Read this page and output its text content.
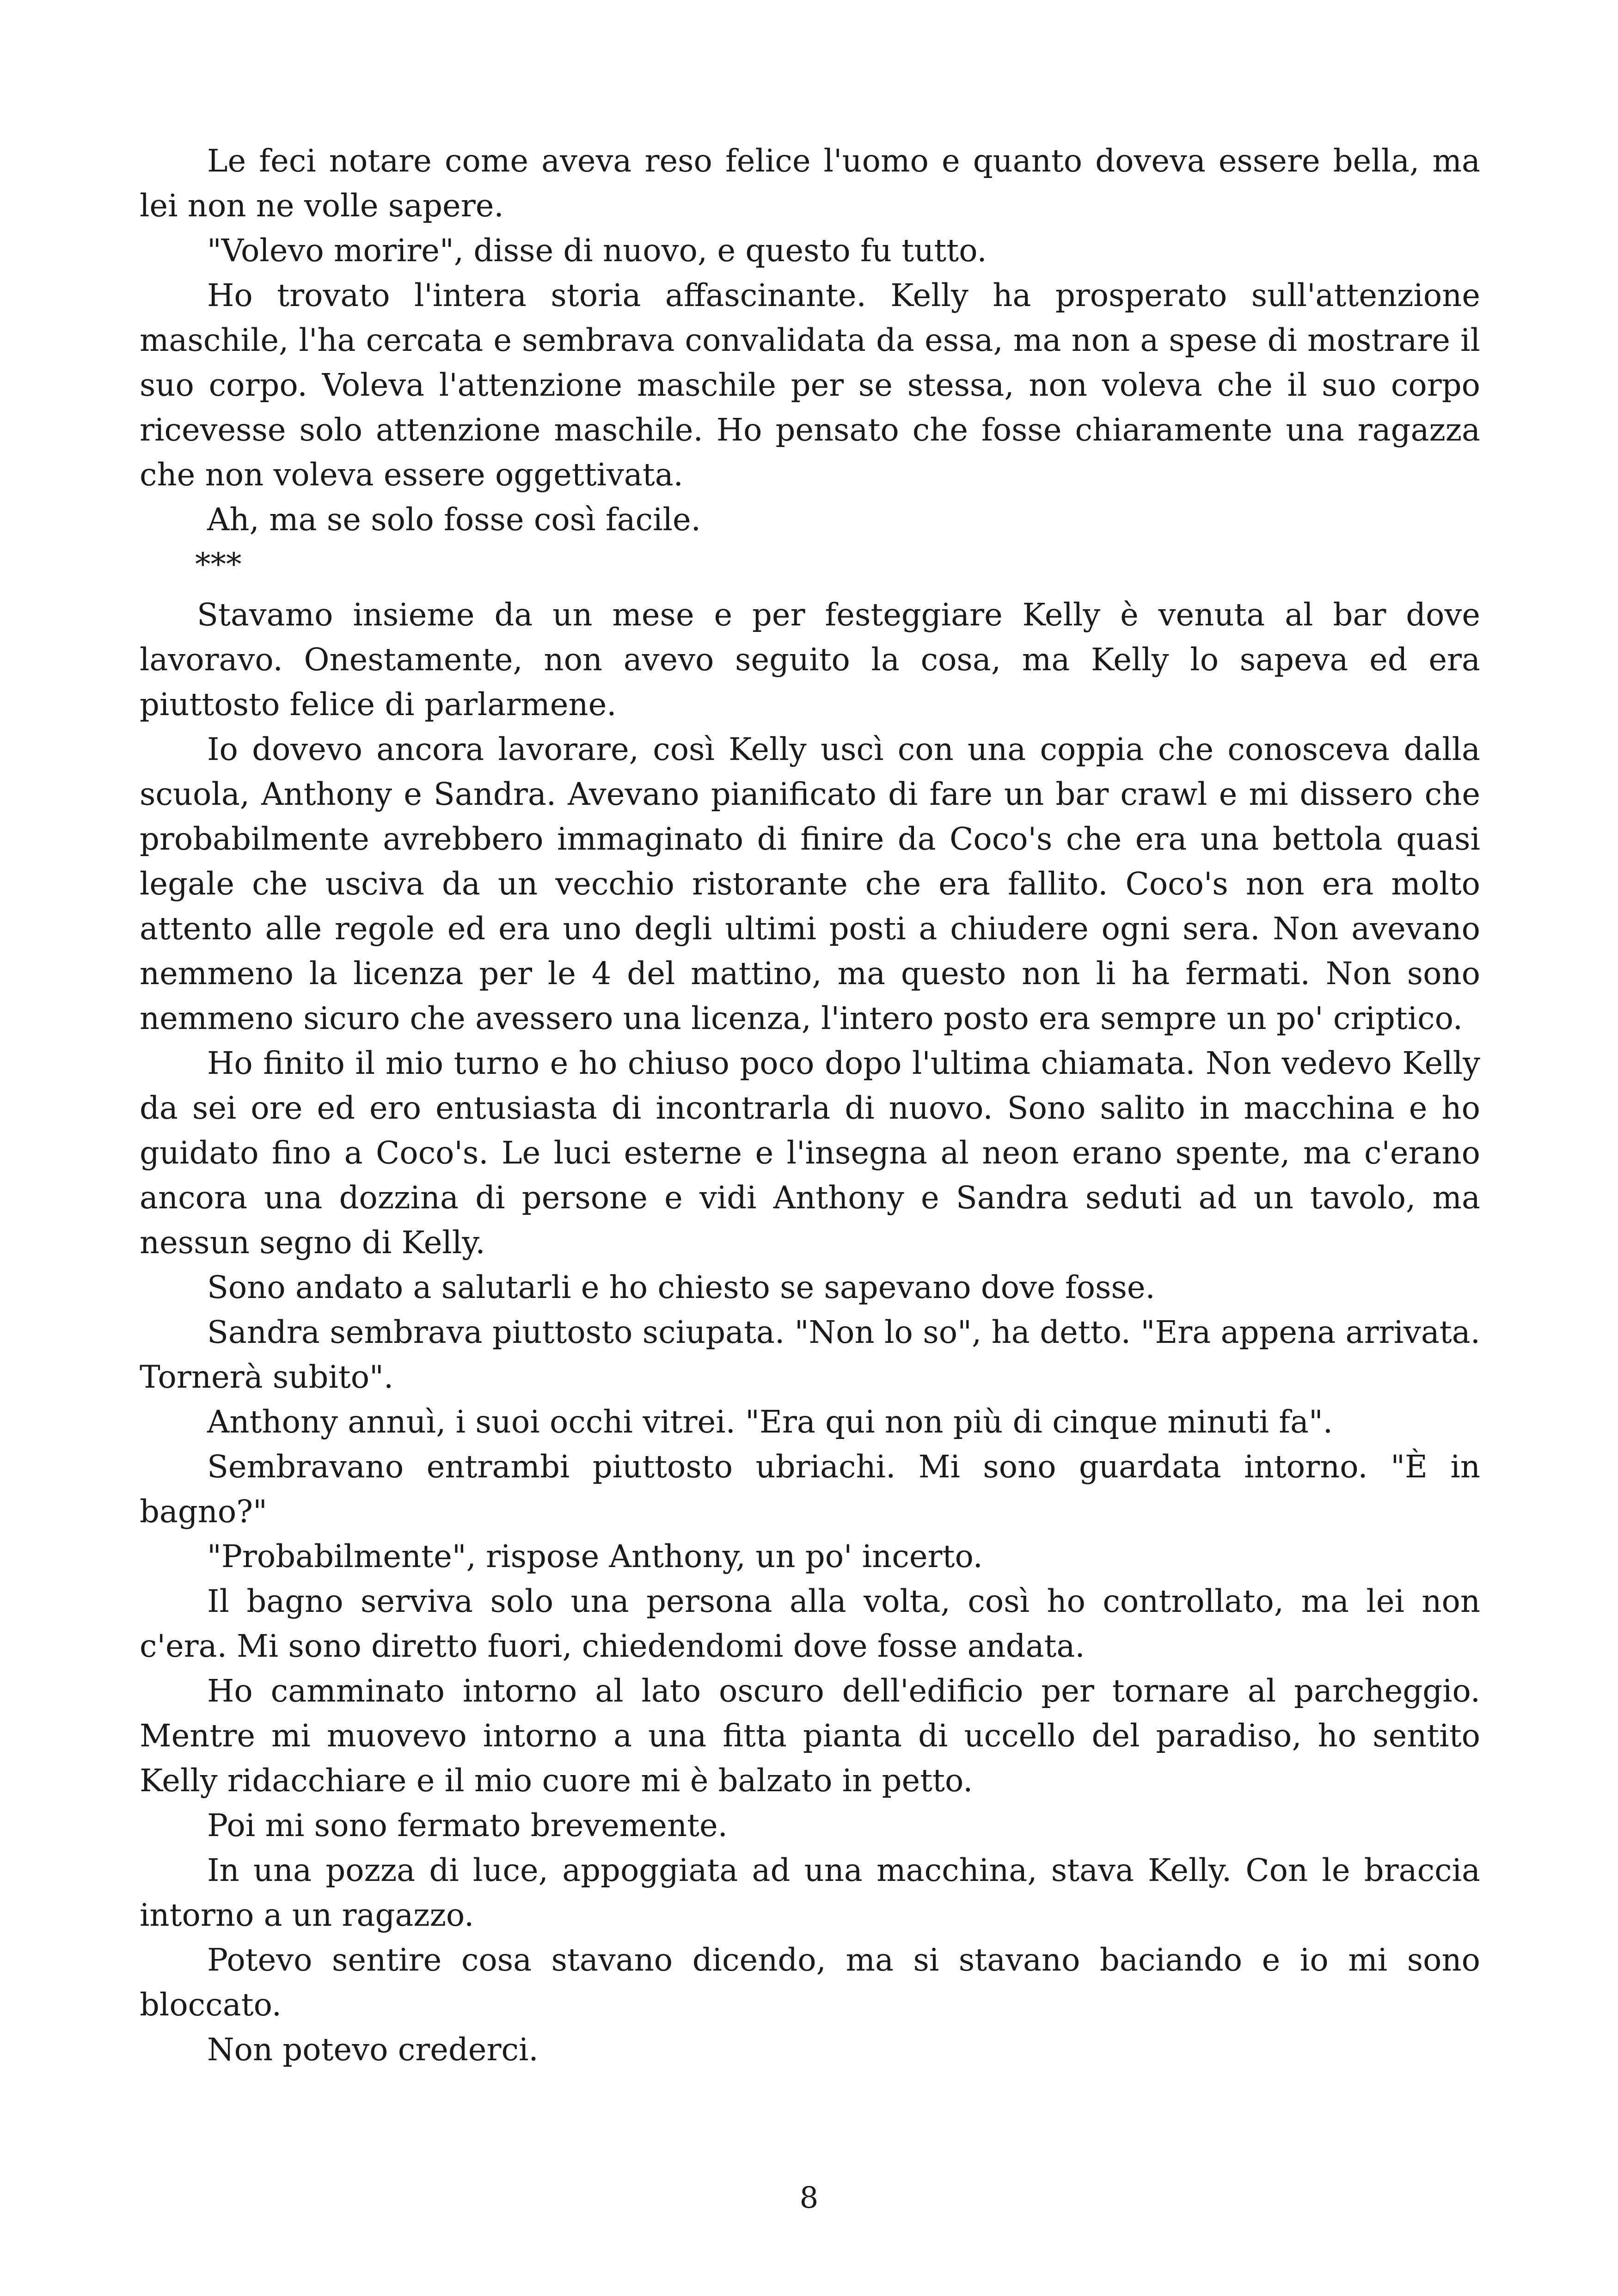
Le feci notare come aveva reso felice l'uomo e quanto doveva essere bella, ma lei non ne volle sapere.

"Volevo morire", disse di nuovo, e questo fu tutto.

Ho trovato l'intera storia affascinante. Kelly ha prosperato sull'attenzione maschile, l'ha cercata e sembrava convalidata da essa, ma non a spese di mostrare il suo corpo. Voleva l'attenzione maschile per se stessa, non voleva che il suo corpo ricevesse solo attenzione maschile. Ho pensato che fosse chiaramente una ragazza che non voleva essere oggettivata.

Ah, ma se solo fosse così facile.

***

Stavamo insieme da un mese e per festeggiare Kelly è venuta al bar dove lavoravo. Onestamente, non avevo seguito la cosa, ma Kelly lo sapeva ed era piuttosto felice di parlarmene.

Io dovevo ancora lavorare, così Kelly uscì con una coppia che conosceva dalla scuola, Anthony e Sandra. Avevano pianificato di fare un bar crawl e mi dissero che probabilmente avrebbero immaginato di finire da Coco's che era una bettola quasi legale che usciva da un vecchio ristorante che era fallito. Coco's non era molto attento alle regole ed era uno degli ultimi posti a chiudere ogni sera. Non avevano nemmeno la licenza per le 4 del mattino, ma questo non li ha fermati. Non sono nemmeno sicuro che avessero una licenza, l'intero posto era sempre un po' criptico.

Ho finito il mio turno e ho chiuso poco dopo l'ultima chiamata. Non vedevo Kelly da sei ore ed ero entusiasta di incontrarla di nuovo. Sono salito in macchina e ho guidato fino a Coco's. Le luci esterne e l'insegna al neon erano spente, ma c'erano ancora una dozzina di persone e vidi Anthony e Sandra seduti ad un tavolo, ma nessun segno di Kelly.

Sono andato a salutarli e ho chiesto se sapevano dove fosse.

Sandra sembrava piuttosto sciupata. "Non lo so", ha detto. "Era appena arrivata. Tornerà subito".

Anthony annuì, i suoi occhi vitrei. "Era qui non più di cinque minuti fa".

Sembravano entrambi piuttosto ubriachi. Mi sono guardata intorno. "È in bagno?"

"Probabilmente", rispose Anthony, un po' incerto.

Il bagno serviva solo una persona alla volta, così ho controllato, ma lei non c'era. Mi sono diretto fuori, chiedendomi dove fosse andata.

Ho camminato intorno al lato oscuro dell'edificio per tornare al parcheggio. Mentre mi muovevo intorno a una fitta pianta di uccello del paradiso, ho sentito Kelly ridacchiare e il mio cuore mi è balzato in petto.

Poi mi sono fermato brevemente.

In una pozza di luce, appoggiata ad una macchina, stava Kelly. Con le braccia intorno a un ragazzo.

Potevo sentire cosa stavano dicendo, ma si stavano baciando e io mi sono bloccato.

Non potevo crederci.

8
